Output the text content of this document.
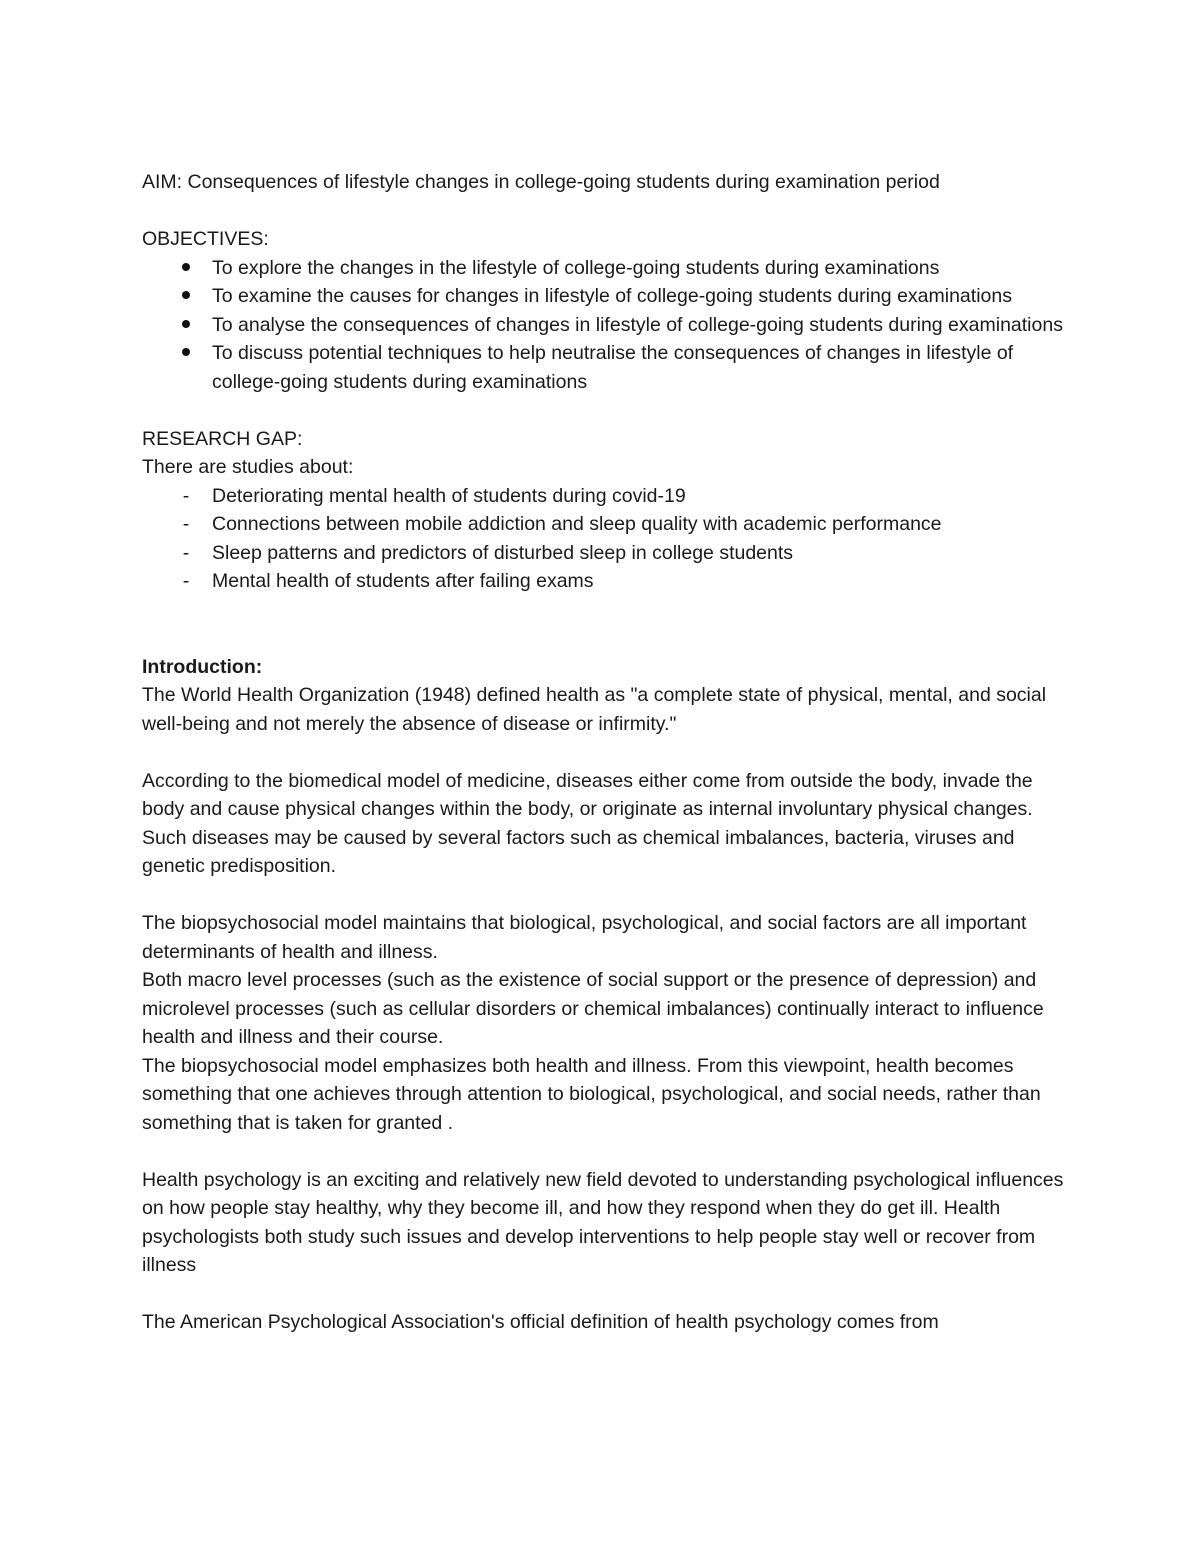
AIM: Consequences of lifestyle changes in college-going students during examination period

OBJECTIVES:

To explore the changes in the lifestyle of college-going students during examinations
To examine the causes for changes in lifestyle of college-going students during examinations
To analyse the consequences of changes in lifestyle of college-going students during examinations
To discuss potential techniques to help neutralise the consequences of changes in lifestyle of college-going students during examinations

RESEARCH GAP:

There are studies about:

-	Deteriorating mental health of students during covid-19
-	Connections between mobile addiction and sleep quality with academic performance
-	Sleep patterns and predictors of disturbed sleep in college students
-	Mental health of students after failing exams

Introduction:

The World Health Organization (1948) defined health as "a complete state of physical, mental, and social well-being and not merely the absence of disease or infirmity."

According to the biomedical model of medicine, diseases either come from outside the body, invade the body and cause physical changes within the body, or originate as internal involuntary physical changes. Such diseases may be caused by several factors such as chemical imbalances, bacteria, viruses and genetic predisposition.

The biopsychosocial model maintains that biological, psychological, and social factors are all important determinants of health and illness.

Both macro level processes (such as the existence of social support or the presence of depression) and microlevel processes (such as cellular disorders or chemical imbalances) continually interact to influence health and illness and their course.

The biopsychosocial model emphasizes both health and illness. From this viewpoint, health becomes something that one achieves through attention to biological, psychological, and social needs, rather than something that is taken for granted .

Health psychology is an exciting and relatively new field devoted to understanding psychological influences on how people stay healthy, why they become ill, and how they respond when they do get ill. Health psychologists both study such issues and develop interventions to help people stay well or recover from illness

The American Psychological Association's official definition of health psychology comes from
